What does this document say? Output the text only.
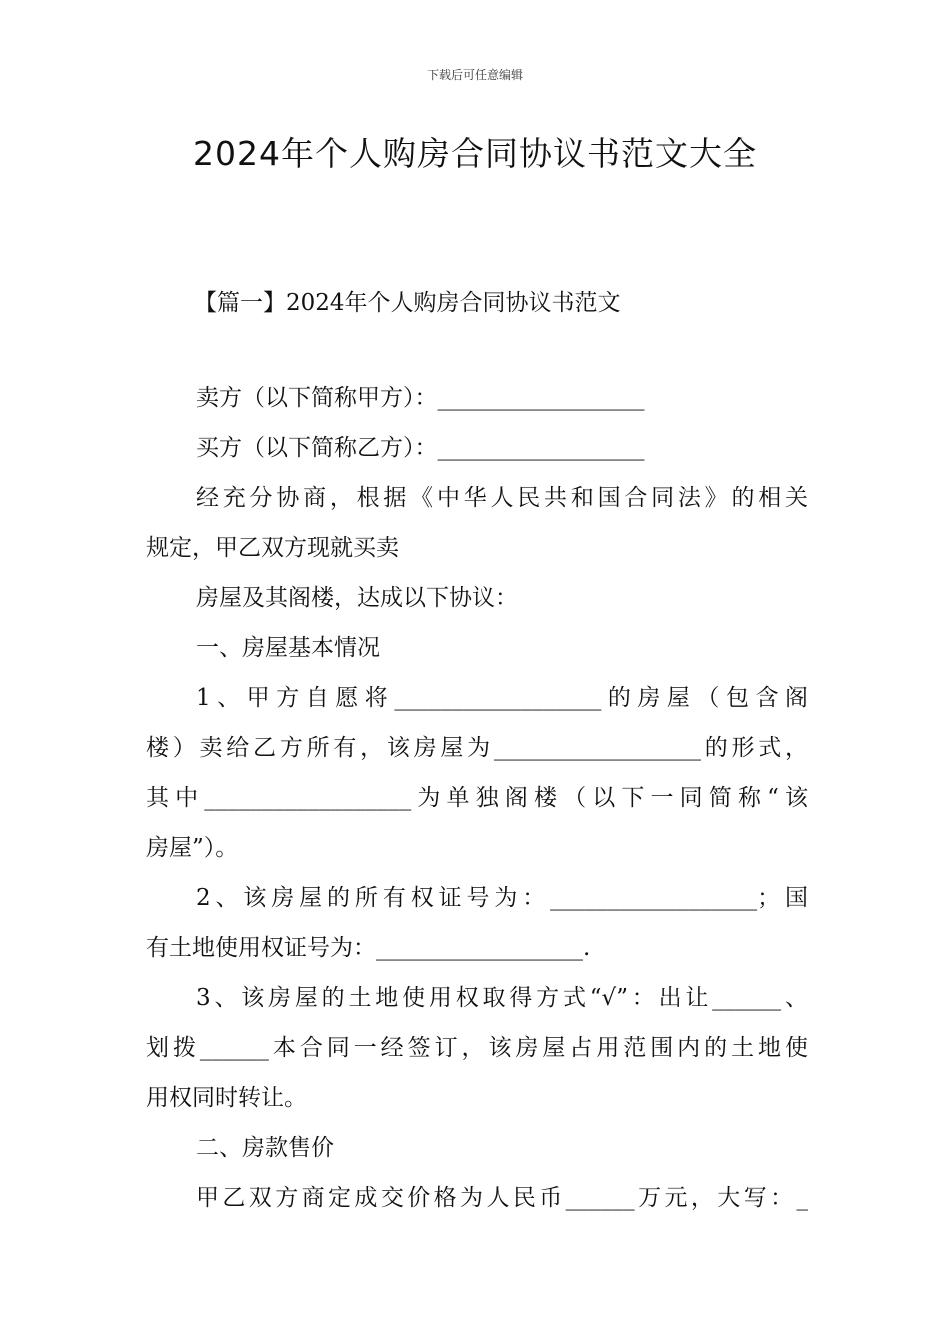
下载后可任意编辑
2024年个人购房合同协议书范文大全
【篇一】2024年个人购房合同协议书范文
卖方（以下简称甲方）：__________________
买方（以下简称乙方）：__________________
经充分协商，根据《中华人民共和国合同法》的相关
规定，甲乙双方现就买卖
房屋及其阁楼，达成以下协议：
一、房屋基本情况
1、甲方自愿将__________________的房屋（包含阁
楼）卖给乙方所有，该房屋为__________________的形式，
其中__________________为单独阁楼（以下一同简称“该
房屋”）。
2、该房屋的所有权证号为：__________________；国
有土地使用权证号为：__________________.
3、该房屋的土地使用权取得方式“√”：出让______、
划拨______本合同一经签订，该房屋占用范围内的土地使
用权同时转让。
二、房款售价
甲乙双方商定成交价格为人民币______万元，大写：_
